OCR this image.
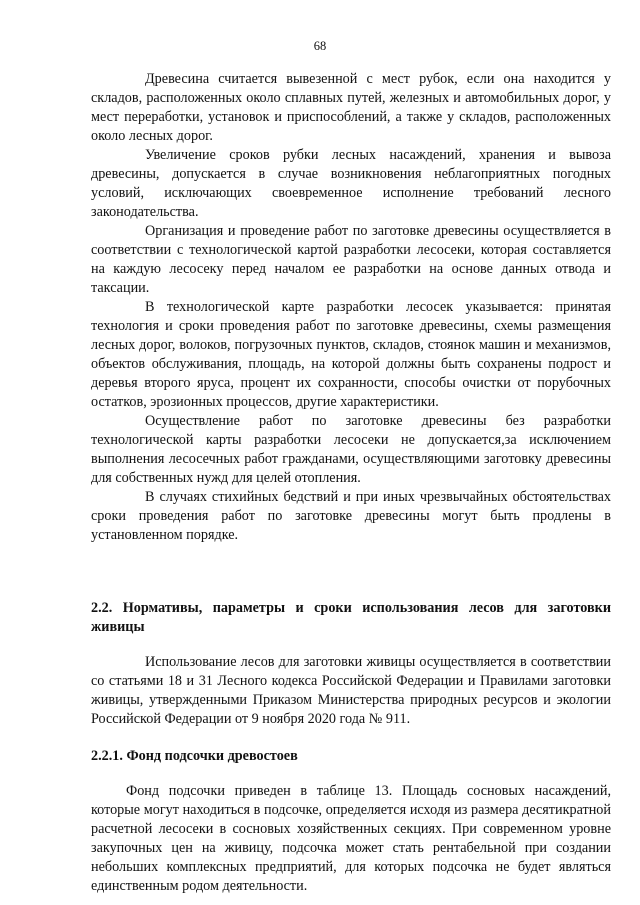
68

Древесина считается вывезенной с мест рубок, если она находится у складов, расположенных около сплавных путей, железных и автомобильных дорог, у мест переработки, установок и приспособлений, а также у складов, расположенных около лесных дорог.

Увеличение сроков рубки лесных насаждений, хранения и вывоза древесины, допускается в случае возникновения неблагоприятных погодных условий, исключающих своевременное исполнение требований лесного законодательства.

Организация и проведение работ по заготовке древесины осуществляется в соответствии с технологической картой разработки лесосеки, которая составляется на каждую лесосеку перед началом ее разработки на основе данных отвода и таксации.

В технологической карте разработки лесосек указывается: принятая технология и сроки проведения работ по заготовке древесины, схемы размещения лесных дорог, волоков, погрузочных пунктов, складов, стоянок машин и механизмов, объектов обслуживания, площадь, на которой должны быть сохранены подрост и деревья второго яруса, процент их сохранности, способы очистки от порубочных остатков, эрозионных процессов, другие характеристики.

Осуществление работ по заготовке древесины без разработки технологической карты разработки лесосеки не допускается,за исключением выполнения лесосечных работ гражданами, осуществляющими заготовку древесины для собственных нужд для целей отопления.

В случаях стихийных бедствий и при иных чрезвычайных обстоятельствах сроки проведения работ по заготовке древесины могут быть продлены в установленном порядке.

2.2. Нормативы, параметры и сроки использования лесов для заготовки живицы

Использование лесов для заготовки живицы осуществляется в соответствии со статьями 18 и 31 Лесного кодекса Российской Федерации и Правилами заготовки живицы, утвержденными Приказом Министерства природных ресурсов и экологии Российской Федерации от 9 ноября 2020 года № 911.

2.2.1. Фонд подсочки древостоев

Фонд подсочки приведен в таблице 13. Площадь сосновых насаждений, которые могут находиться в подсочке, определяется исходя из размера десятикратной расчетной лесосеки в сосновых хозяйственных секциях. При современном уровне закупочных цен на живицу, подсочка может стать рентабельной при создании небольших комплексных предприятий, для которых подсочка не будет являться единственным родом деятельности.
